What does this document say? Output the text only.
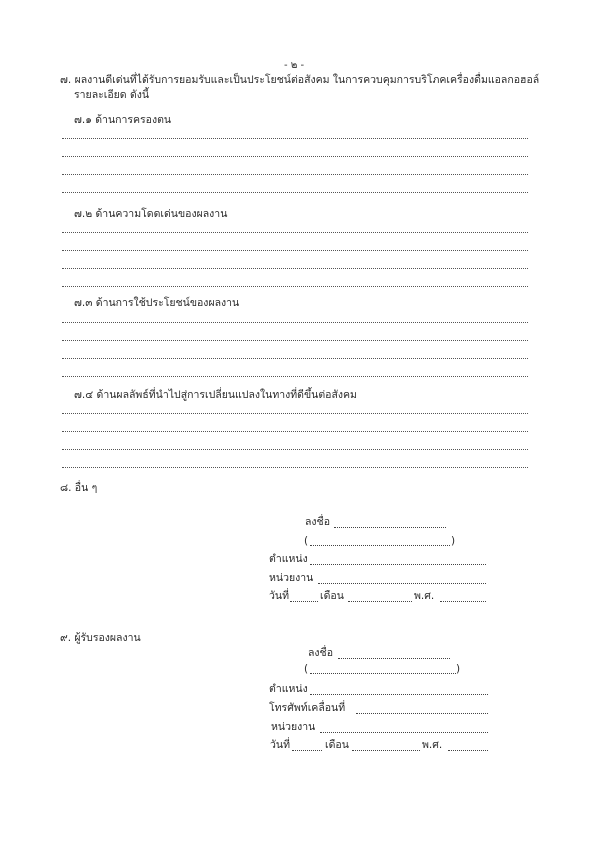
- ๒ -
๗. ผลงานดีเด่นที่ได้รับการยอมรับและเป็นประโยชน์ต่อสังคม ในการควบคุมการบริโภคเครื่องดื่มแอลกอฮอล์
รายละเอียด ดังนี้
๗.๑ ด้านการครองตน
๗.๒ ด้านความโดดเด่นของผลงาน
๗.๓ ด้านการใช้ประโยชน์ของผลงาน
๗.๔ ด้านผลลัพธ์ที่นำไปสู่การเปลี่ยนแปลงในทางที่ดีขึ้นต่อสังคม
๘. อื่น ๆ
ลงชื่อ
(	)
ตำแหน่ง
หน่วยงาน
วันที่	เดือน	พ.ศ.
๙. ผู้รับรองผลงาน
ลงชื่อ
(	)
ตำแหน่ง
โทรศัพท์เคลื่อนที่
หน่วยงาน
วันที่	เดือน	พ.ศ.
